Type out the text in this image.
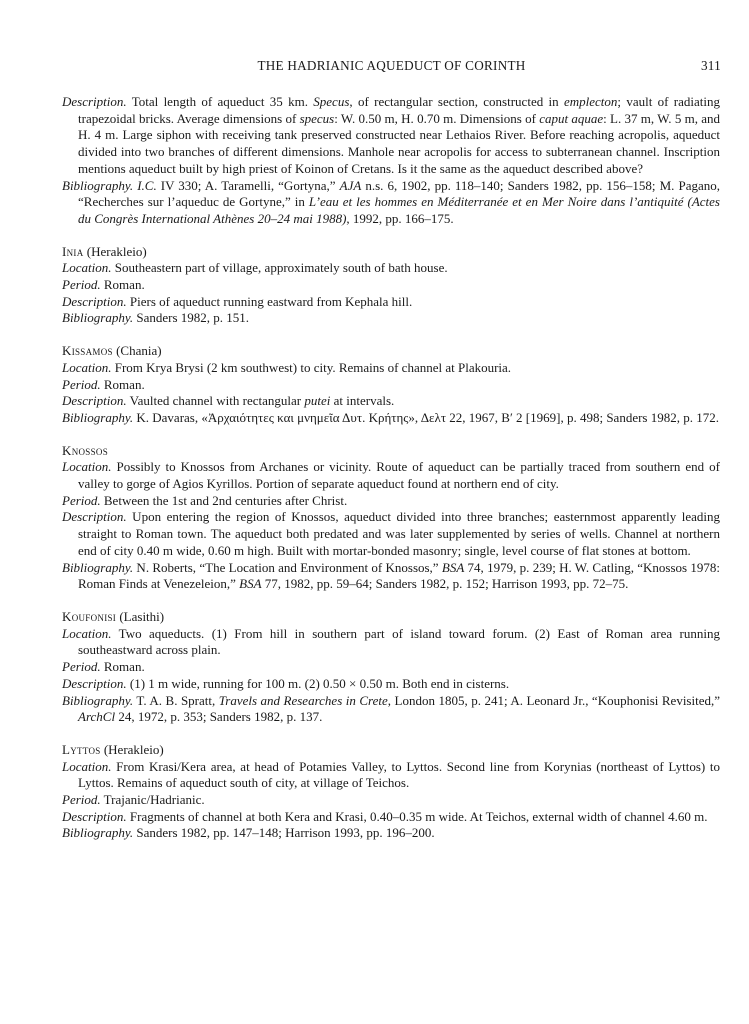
THE HADRIANIC AQUEDUCT OF CORINTH	311

Description. Total length of aqueduct 35 km. Specus, of rectangular section, constructed in emplecton; vault of radiating trapezoidal bricks. Average dimensions of specus: W. 0.50 m, H. 0.70 m. Dimensions of caput aquae: L. 37 m, W. 5 m, and H. 4 m. Large siphon with receiving tank preserved constructed near Lethaios River. Before reaching acropolis, aqueduct divided into two branches of different dimensions. Manhole near acropolis for access to subterranean channel. Inscription mentions aqueduct built by high priest of Koinon of Cretans. Is it the same as the aqueduct described above?

Bibliography. I.C. IV 330; A. Taramelli, “Gortyna,” AJA n.s. 6, 1902, pp. 118–140; Sanders 1982, pp. 156–158; M. Pagano, “Recherches sur l’aqueduc de Gortyne,” in L’eau et les hommes en Méditerranée et en Mer Noire dans l’antiquité (Actes du Congrès International Athènes 20–24 mai 1988), 1992, pp. 166–175.

Inia (Herakleio)

Location. Southeastern part of village, approximately south of bath house.

Period. Roman.

Description. Piers of aqueduct running eastward from Kephala hill.

Bibliography. Sanders 1982, p. 151.

Kissamos (Chania)

Location. From Krya Brysi (2 km southwest) to city. Remains of channel at Plakouria.

Period. Roman.

Description. Vaulted channel with rectangular putei at intervals.

Bibliography. K. Davaras, «Ἀρχαιότητες και μνημεῖα Δυτ. Κρήτης», Δελτ 22, 1967, Β′ 2 [1969], p. 498; Sanders 1982, p. 172.

Knossos

Location. Possibly to Knossos from Archanes or vicinity. Route of aqueduct can be partially traced from southern end of valley to gorge of Agios Kyrillos. Portion of separate aqueduct found at northern end of city.

Period. Between the 1st and 2nd centuries after Christ.

Description. Upon entering the region of Knossos, aqueduct divided into three branches; easternmost apparently leading straight to Roman town. The aqueduct both predated and was later supplemented by series of wells. Channel at northern end of city 0.40 m wide, 0.60 m high. Built with mortar-bonded masonry; single, level course of flat stones at bottom.

Bibliography. N. Roberts, “The Location and Environment of Knossos,” BSA 74, 1979, p. 239; H. W. Catling, “Knossos 1978: Roman Finds at Venezeleion,” BSA 77, 1982, pp. 59–64; Sanders 1982, p. 152; Harrison 1993, pp. 72–75.

Koufonisi (Lasithi)

Location. Two aqueducts. (1) From hill in southern part of island toward forum. (2) East of Roman area running southeastward across plain.

Period. Roman.

Description. (1) 1 m wide, running for 100 m. (2) 0.50 × 0.50 m. Both end in cisterns.

Bibliography. T. A. B. Spratt, Travels and Researches in Crete, London 1805, p. 241; A. Leonard Jr., “Kouphonisi Revisited,” ArchCl 24, 1972, p. 353; Sanders 1982, p. 137.

Lyttos (Herakleio)

Location. From Krasi/Kera area, at head of Potamies Valley, to Lyttos. Second line from Korynias (northeast of Lyttos) to Lyttos. Remains of aqueduct south of city, at village of Teichos.

Period. Trajanic/Hadrianic.

Description. Fragments of channel at both Kera and Krasi, 0.40–0.35 m wide. At Teichos, external width of channel 4.60 m.

Bibliography. Sanders 1982, pp. 147–148; Harrison 1993, pp. 196–200.
